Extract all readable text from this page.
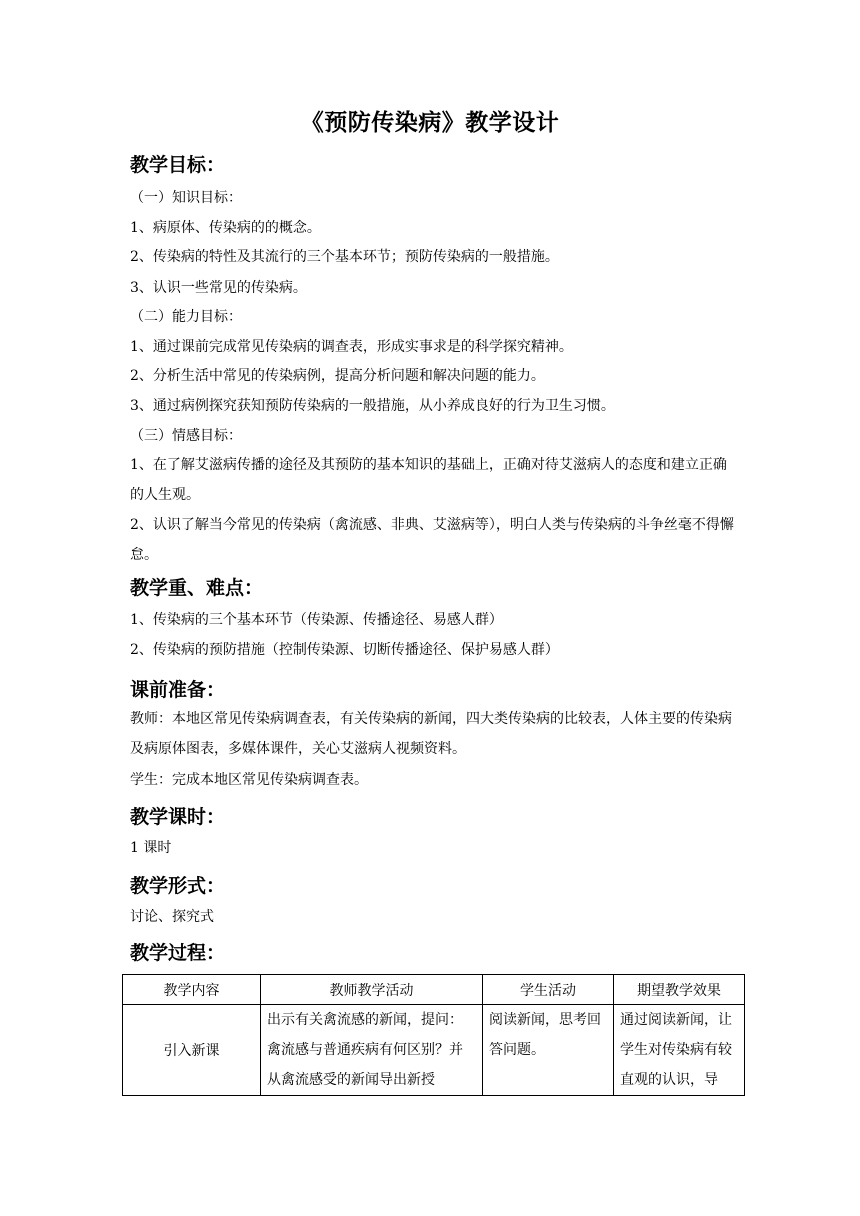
《预防传染病》教学设计
教学目标：
（一）知识目标：
1、病原体、传染病的的概念。
2、传染病的特性及其流行的三个基本环节；预防传染病的一般措施。
3、认识一些常见的传染病。
（二）能力目标：
1、通过课前完成常见传染病的调查表，形成实事求是的科学探究精神。
2、分析生活中常见的传染病例，提高分析问题和解决问题的能力。
3、通过病例探究获知预防传染病的一般措施，从小养成良好的行为卫生习惯。
（三）情感目标：
1、在了解艾滋病传播的途径及其预防的基本知识的基础上，正确对待艾滋病人的态度和建立正确的人生观。
2、认识了解当今常见的传染病（禽流感、非典、艾滋病等），明白人类与传染病的斗争丝毫不得懈怠。
教学重、难点：
1、传染病的三个基本环节（传染源、传播途径、易感人群）
2、传染病的预防措施（控制传染源、切断传播途径、保护易感人群）
课前准备：
教师：本地区常见传染病调查表，有关传染病的新闻，四大类传染病的比较表，人体主要的传染病及病原体图表，多媒体课件，关心艾滋病人视频资料。
学生：完成本地区常见传染病调查表。
教学课时：
1 课时
教学形式：
讨论、探究式
教学过程：
教学内容	教师教学活动	学生活动	期望教学效果
引入新课	出示有关禽流感的新闻，提问：禽流感与普通疾病有何区别？并从禽流感受的新闻导出新授	阅读新闻，思考回答问题。	通过阅读新闻，让学生对传染病有较直观的认识，导
